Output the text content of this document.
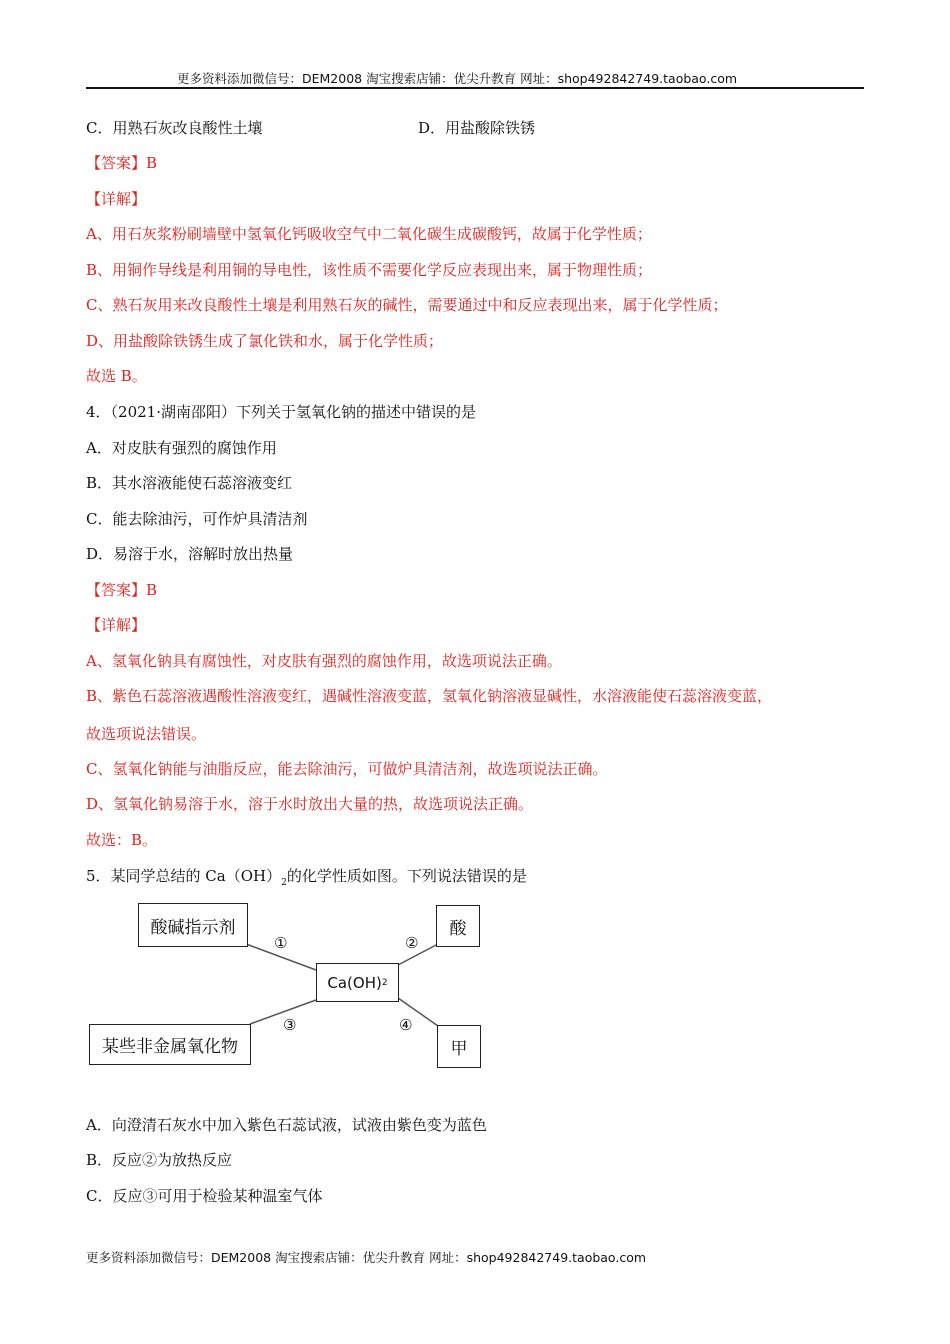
更多资料添加微信号：DEM2008 淘宝搜索店铺：优尖升教育 网址：shop492842749.taobao.com
C．用熟石灰改良酸性土壤	D．用盐酸除铁锈
【答案】B
【详解】
A、用石灰浆粉刷墙壁中氢氧化钙吸收空气中二氧化碳生成碳酸钙，故属于化学性质；
B、用铜作导线是利用铜的导电性，该性质不需要化学反应表现出来，属于物理性质；
C、熟石灰用来改良酸性土壤是利用熟石灰的碱性，需要通过中和反应表现出来，属于化学性质；
D、用盐酸除铁锈生成了氯化铁和水，属于化学性质；
故选 B。
4．（2021·湖南邵阳）下列关于氢氧化钠的描述中错误的是
A．对皮肤有强烈的腐蚀作用
B．其水溶液能使石蕊溶液变红
C．能去除油污，可作炉具清洁剂
D．易溶于水，溶解时放出热量
【答案】B
【详解】
A、氢氧化钠具有腐蚀性，对皮肤有强烈的腐蚀作用，故选项说法正确。
B、紫色石蕊溶液遇酸性溶液变红，遇碱性溶液变蓝，氢氧化钠溶液显碱性，水溶液能使石蕊溶液变蓝，
故选项说法错误。
C、氢氧化钠能与油脂反应，能去除油污，可做炉具清洁剂，故选项说法正确。
D、氢氧化钠易溶于水，溶于水时放出大量的热，故选项说法正确。
故选：B。
5．某同学总结的 $Ca(OH)_2$的化学性质如图。下列说法错误的是
酸碱指示剂	酸
Ca(OH) 2
某些非金属氧化物	甲
①	②
③	④
A．向澄清石灰水中加入紫色石蕊试液，试液由紫色变为蓝色
B．反应②为放热反应
C．反应③可用于检验某种温室气体
更多资料添加微信号：DEM2008 淘宝搜索店铺：优尖升教育 网址：shop492842749.taobao.com
